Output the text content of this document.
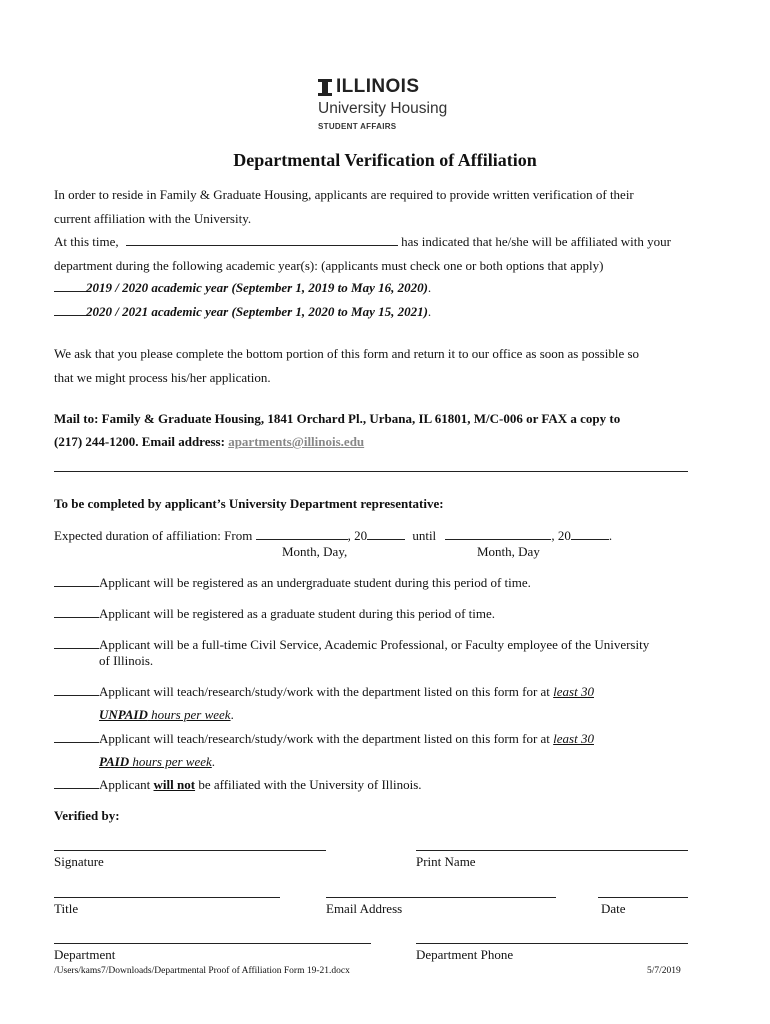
ILLINOIS
University Housing
STUDENT AFFAIRS
Departmental Verification of Affiliation
In order to reside in Family & Graduate Housing, applicants are required to provide written verification of their
current affiliation with the University.
At this time,	has indicated that he/she will be affiliated with your
department during the following academic year(s): (applicants must check one or both options that apply)
2019 / 2020 academic year (September 1, 2019 to May 16, 2020).
2020 / 2021 academic year (September 1, 2020 to May 15, 2021).
We ask that you please complete the bottom portion of this form and return it to our office as soon as possible so
that we might process his/her application.
Mail to: Family & Graduate Housing, 1841 Orchard Pl., Urbana, IL 61801, M/C-006 or FAX a copy to
(217) 244-1200. Email address: apartments@illinois.edu
To be completed by applicant’s University Department representative:
Expected duration of affiliation: From	, 20	until	, 20	.
Month, Day,	Month, Day
Applicant will be registered as an undergraduate student during this period of time.
Applicant will be registered as a graduate student during this period of time.
Applicant will be a full-time Civil Service, Academic Professional, or Faculty employee of the University
of Illinois.
Applicant will teach/research/study/work with the department listed on this form for at least 30
UNPAID hours per week.
Applicant will teach/research/study/work with the department listed on this form for at least 30
PAID hours per week.
Applicant will not be affiliated with the University of Illinois.
Verified by:
Signature	Print Name
Title	Email Address	Date
Department	Department Phone
/Users/kams7/Downloads/Departmental Proof of Affiliation Form 19-21.docx	5/7/2019
